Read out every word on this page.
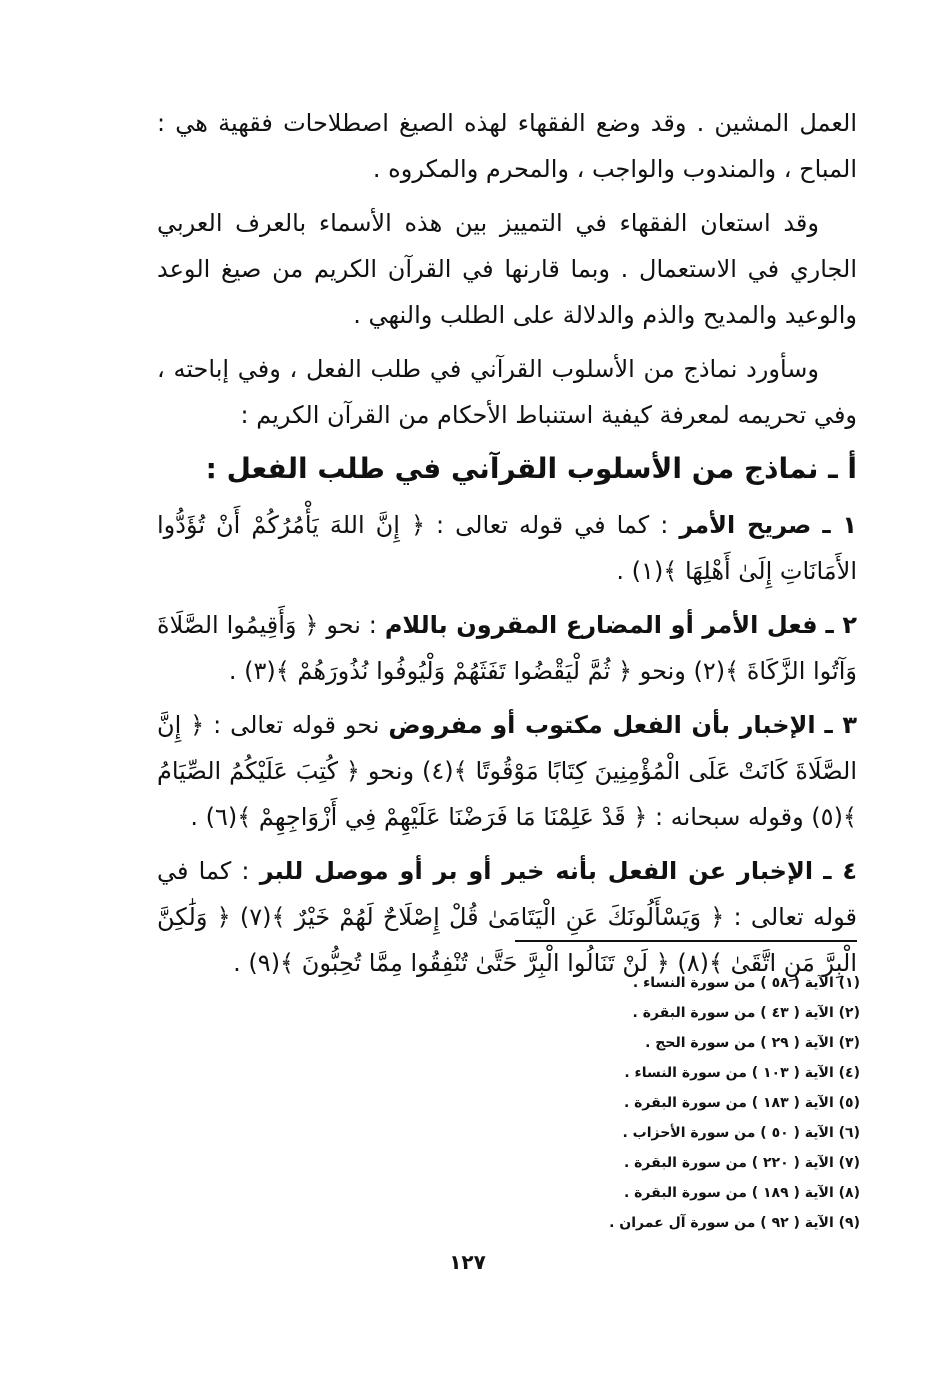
العمل المشين . وقد وضع الفقهاء لهذه الصيغ اصطلاحات فقهية هي : المباح ، والمندوب والواجب ، والمحرم والمكروه .

وقد استعان الفقهاء في التمييز بين هذه الأسماء بالعرف العربي الجاري في الاستعمال . وبما قارنها في القرآن الكريم من صيغ الوعد والوعيد والمديح والذم والدلالة على الطلب والنهي .

وسأورد نماذج من الأسلوب القرآني في طلب الفعل ، وفي إباحته ، وفي تحريمه لمعرفة كيفية استنباط الأحكام من القرآن الكريم :

أ ـ نماذج من الأسلوب القرآني في طلب الفعل :

١ ـ صريح الأمر : كما في قوله تعالى : ﴿ إِنَّ اللهَ يَأْمُرُكُمْ أَنْ تُؤَدُّوا الأَمَانَاتِ إِلَىٰ أَهْلِهَا ﴾(١) .

٢ ـ فعل الأمر أو المضارع المقرون باللام : نحو ﴿ وَأَقِيمُوا الصَّلَاةَ وَآتُوا الزَّكَاةَ ﴾(٢) ونحو ﴿ ثُمَّ لْيَقْضُوا تَفَثَهُمْ وَلْيُوفُوا نُذُورَهُمْ ﴾(٣) .

٣ ـ الإخبار بأن الفعل مكتوب أو مفروض نحو قوله تعالى : ﴿ إِنَّ الصَّلَاةَ كَانَتْ عَلَى الْمُؤْمِنِينَ كِتَابًا مَوْقُوتًا ﴾(٤) ونحو ﴿ كُتِبَ عَلَيْكُمُ الصِّيَامُ ﴾(٥) وقوله سبحانه : ﴿ قَدْ عَلِمْنَا مَا فَرَضْنَا عَلَيْهِمْ فِي أَزْوَاجِهِمْ ﴾(٦) .

٤ ـ الإخبار عن الفعل بأنه خير أو بر أو موصل للبر : كما في قوله تعالى : ﴿ وَيَسْأَلُونَكَ عَنِ الْيَتَامَىٰ قُلْ إِصْلَاحٌ لَهُمْ خَيْرٌ ﴾(٧) ﴿ وَلَٰكِنَّ الْبِرَّ مَنِ اتَّقَىٰ ﴾(٨) ﴿ لَنْ تَنَالُوا الْبِرَّ حَتَّىٰ تُنْفِقُوا مِمَّا تُحِبُّونَ ﴾(٩) .

(١) الآية ( ٥٨ ) من سورة النساء .
(٢) الآية ( ٤٣ ) من سورة البقرة .
(٣) الآية ( ٢٩ ) من سورة الحج .
(٤) الآية ( ١٠٣ ) من سورة النساء .
(٥) الآية ( ١٨٣ ) من سورة البقرة .
(٦) الآية ( ٥٠ ) من سورة الأحزاب .
(٧) الآية ( ٢٢٠ ) من سورة البقرة .
(٨) الآية ( ١٨٩ ) من سورة البقرة .
(٩) الآية ( ٩٢ ) من سورة آل عمران .
١٢٧
